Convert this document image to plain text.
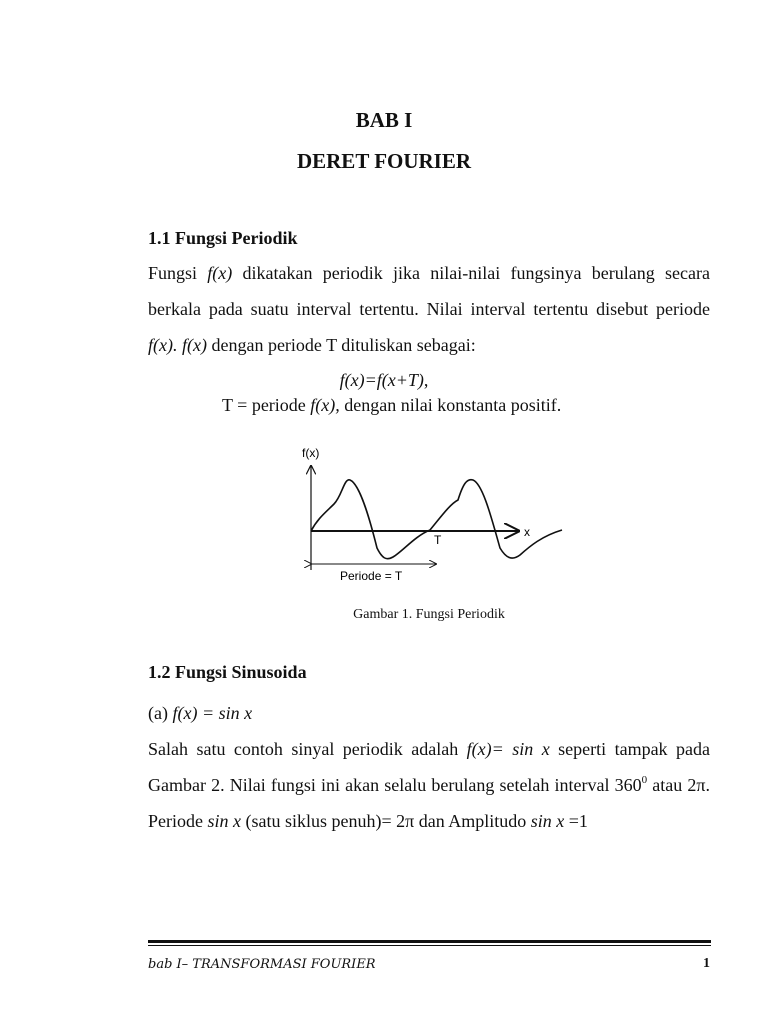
BAB I
DERET FOURIER
1.1 Fungsi Periodik
Fungsi f(x) dikatakan periodik jika nilai-nilai fungsinya berulang secara berkala pada suatu interval tertentu. Nilai interval tertentu disebut periode f(x). f(x) dengan periode T dituliskan sebagai:
f(x)=f(x+T),
T = periode f(x), dengan nilai konstanta positif.
f(x)
x
T
Periode = T
Gambar 1. Fungsi Periodik
1.2 Fungsi Sinusoida
(a) f(x) = sin x
Salah satu contoh sinyal periodik adalah f(x)= sin x seperti tampak pada Gambar 2. Nilai fungsi ini akan selalu berulang setelah interval $360^0$ atau 2π. Periode sin x (satu siklus penuh)= 2π dan Amplitudo sin x =1
bab I– TRANSFORMASI FOURIER	1
